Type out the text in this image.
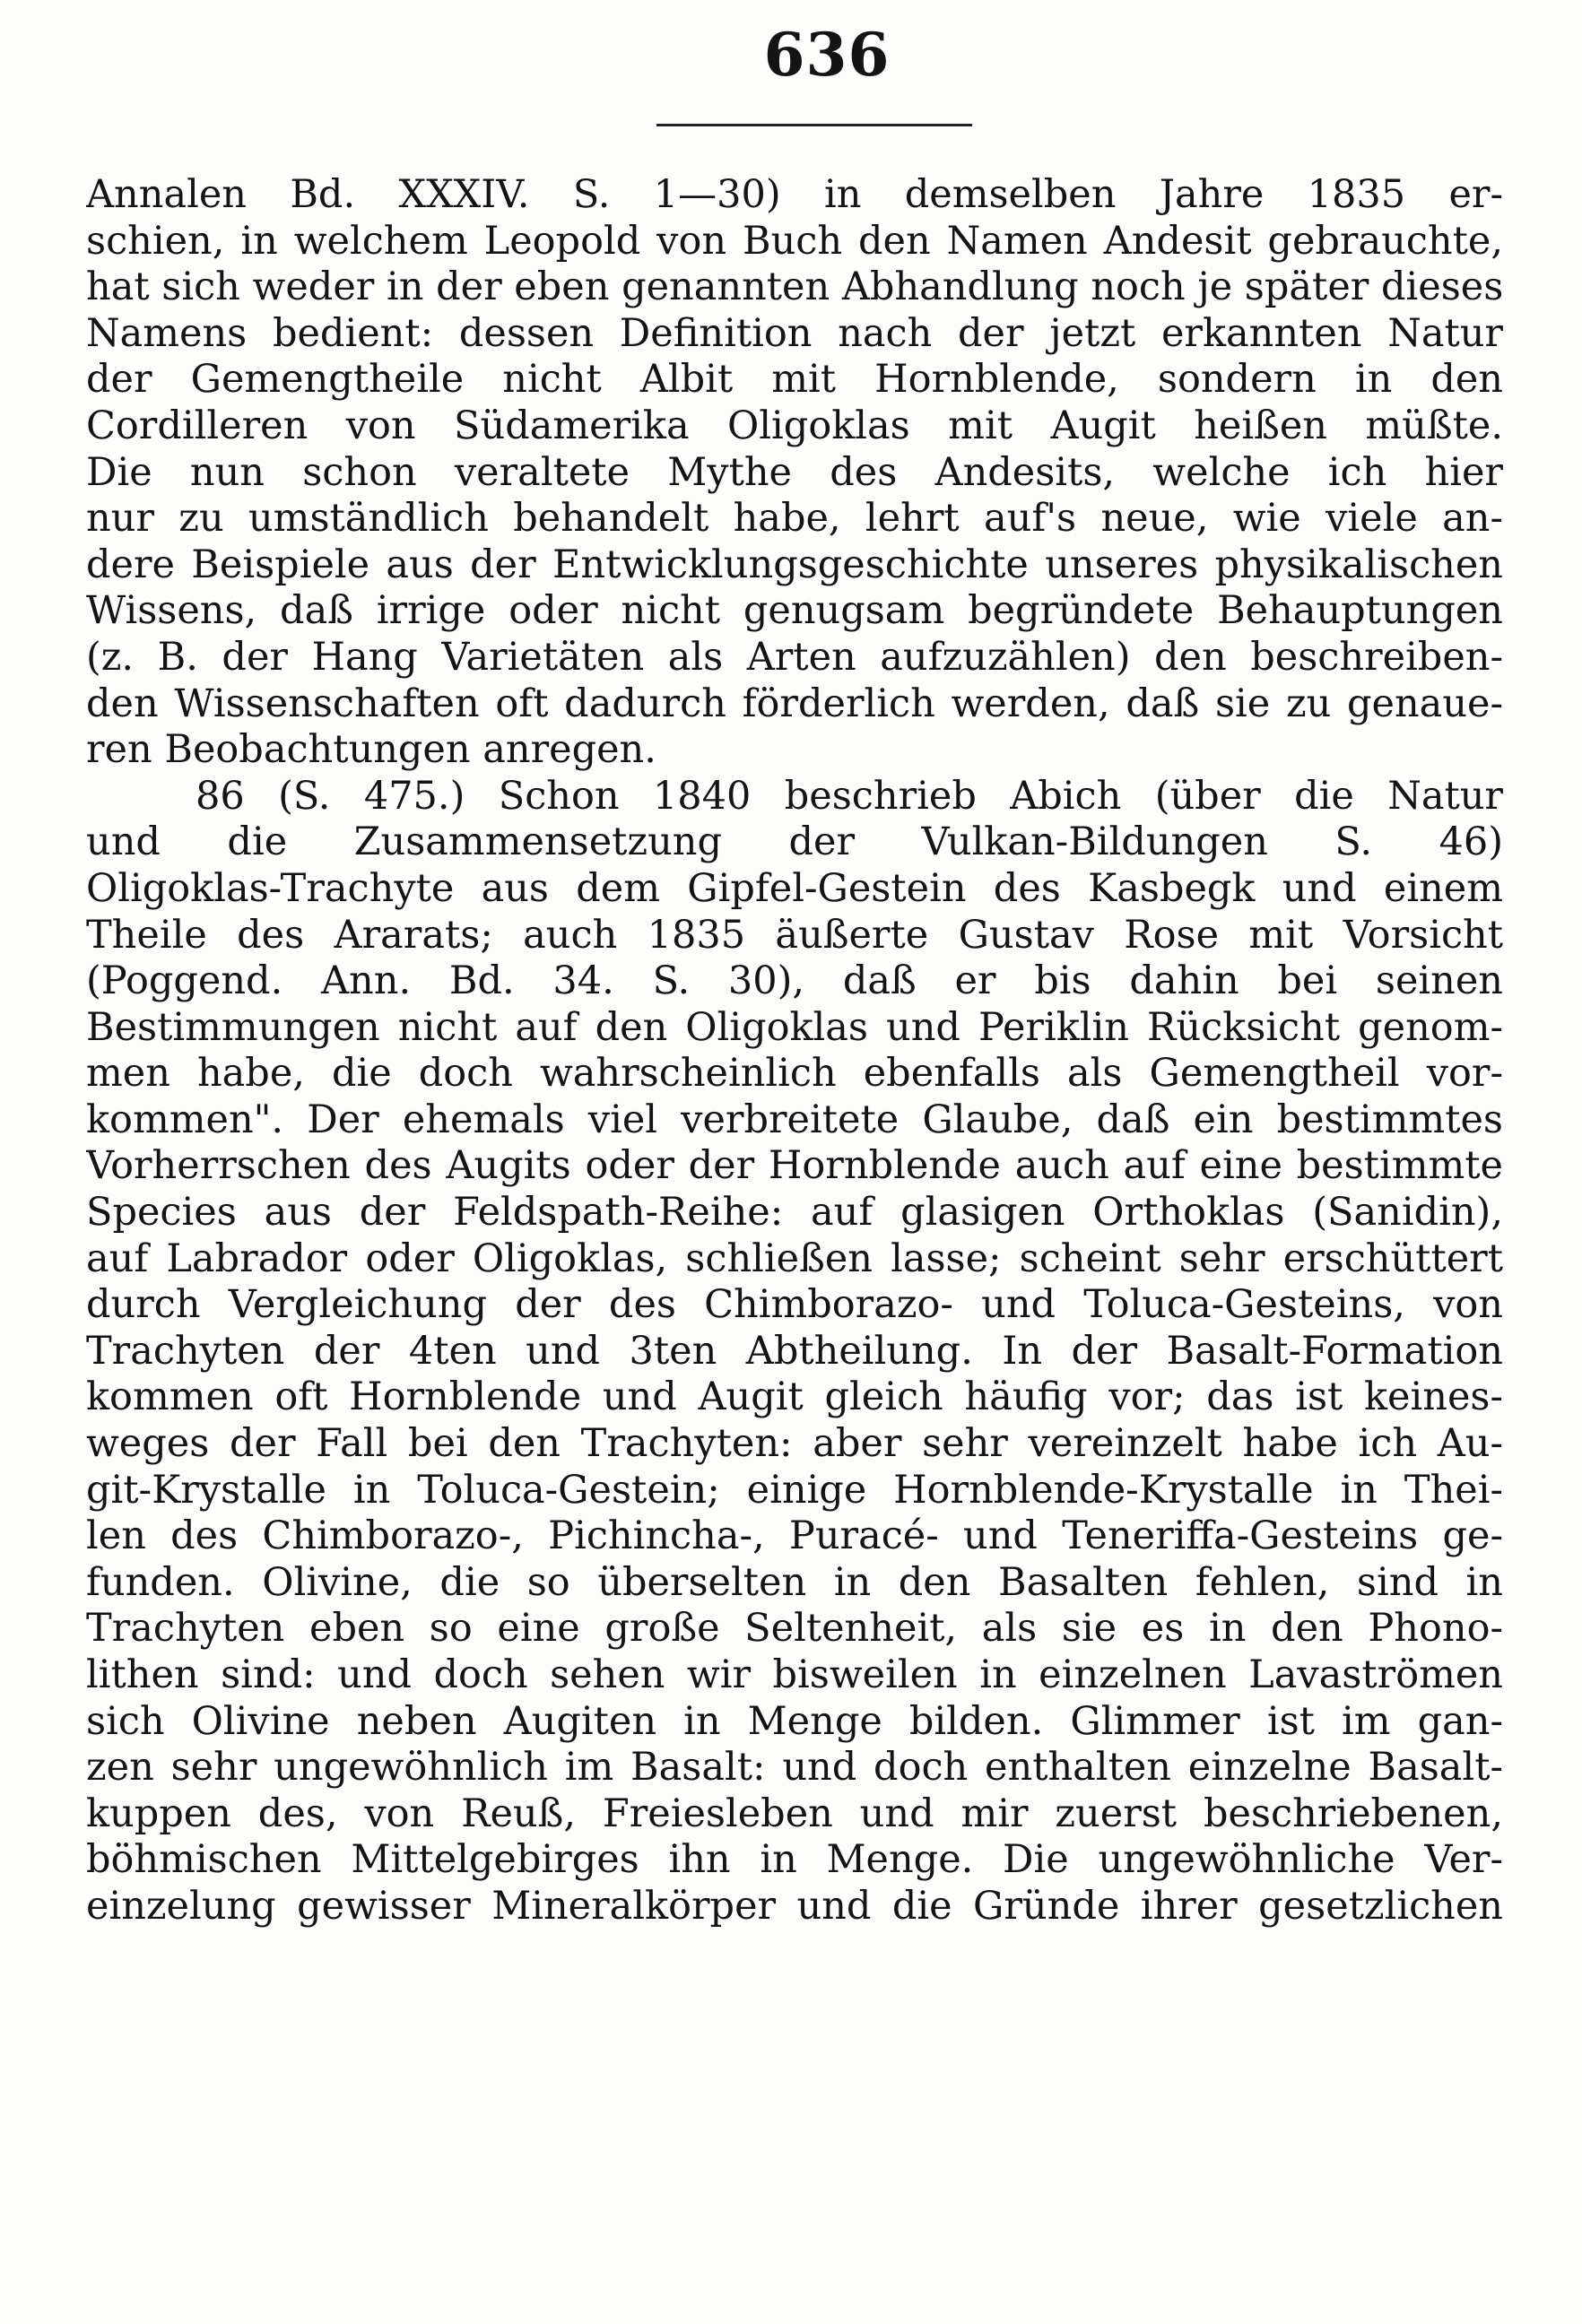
636
Annalen Bd. XXXIV. S. 1—30) in demselben Jahre 1835 er-
schien, in welchem Leopold von Buch den Namen Andesit gebrauchte,
hat sich weder in der eben genannten Abhandlung noch je später dieses
Namens bedient: dessen Definition nach der jetzt erkannten Natur
der Gemengtheile nicht Albit mit Hornblende, sondern in den
Cordilleren von Südamerika Oligoklas mit Augit heißen müßte.
Die nun schon veraltete Mythe des Andesits, welche ich hier
nur zu umständlich behandelt habe, lehrt auf's neue, wie viele an-
dere Beispiele aus der Entwicklungsgeschichte unseres physikalischen
Wissens, daß irrige oder nicht genugsam begründete Behauptungen
(z. B. der Hang Varietäten als Arten aufzuzählen) den beschreiben-
den Wissenschaften oft dadurch förderlich werden, daß sie zu genaue-
ren Beobachtungen anregen.
86 (S. 475.) Schon 1840 beschrieb Abich (über die Natur
und die Zusammensetzung der Vulkan-Bildungen S. 46)
Oligoklas-Trachyte aus dem Gipfel-Gestein des Kasbegk und einem
Theile des Ararats; auch 1835 äußerte Gustav Rose mit Vorsicht
(Poggend. Ann. Bd. 34. S. 30), daß er bis dahin bei seinen
Bestimmungen nicht auf den Oligoklas und Periklin Rücksicht genom-
men habe, die doch wahrscheinlich ebenfalls als Gemengtheil vor-
kommen". Der ehemals viel verbreitete Glaube, daß ein bestimmtes
Vorherrschen des Augits oder der Hornblende auch auf eine bestimmte
Species aus der Feldspath-Reihe: auf glasigen Orthoklas (Sanidin),
auf Labrador oder Oligoklas, schließen lasse; scheint sehr erschüttert
durch Vergleichung der des Chimborazo- und Toluca-Gesteins, von
Trachyten der 4ten und 3ten Abtheilung. In der Basalt-Formation
kommen oft Hornblende und Augit gleich häufig vor; das ist keines-
weges der Fall bei den Trachyten: aber sehr vereinzelt habe ich Au-
git-Krystalle in Toluca-Gestein; einige Hornblende-Krystalle in Thei-
len des Chimborazo-, Pichincha-, Puracé- und Teneriffa-Gesteins ge-
funden. Olivine, die so überselten in den Basalten fehlen, sind in
Trachyten eben so eine große Seltenheit, als sie es in den Phono-
lithen sind: und doch sehen wir bisweilen in einzelnen Lavaströmen
sich Olivine neben Augiten in Menge bilden. Glimmer ist im gan-
zen sehr ungewöhnlich im Basalt: und doch enthalten einzelne Basalt-
kuppen des, von Reuß, Freiesleben und mir zuerst beschriebenen,
böhmischen Mittelgebirges ihn in Menge. Die ungewöhnliche Ver-
einzelung gewisser Mineralkörper und die Gründe ihrer gesetzlichen
